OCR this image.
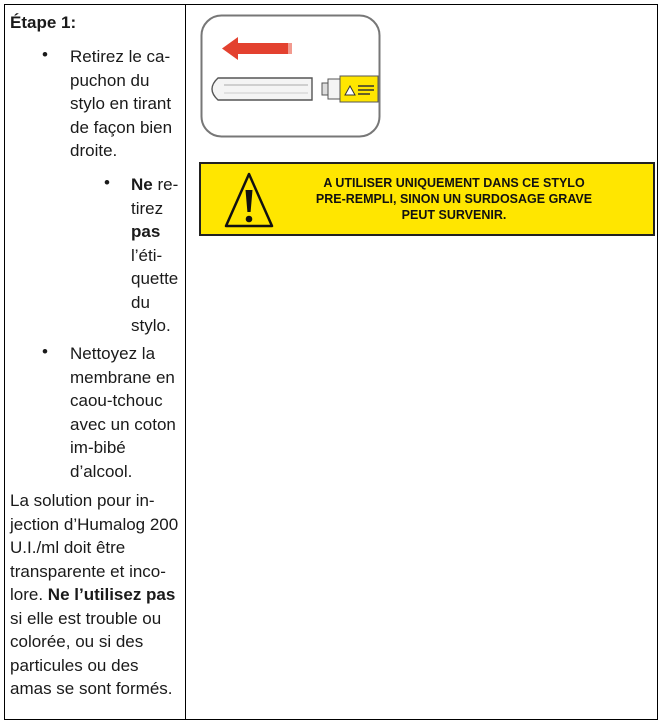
Étape 1:
• Retirez le ca-puchon du stylo en tirant de façon bien droite.
• Ne re-tirez pas l’éti-quette du stylo.
• Nettoyez la membrane en caou-tchouc avec un coton im-bibé d’alcool.
La solution pour in-jection d’Humalog 200 U.I./ml doit être transparente et inco-lore. Ne l’utilisez pas si elle est trouble ou colorée, ou si des particules ou des amas se sont formés.
A UTILISER UNIQUEMENT DANS CE STYLO
PRE-REMPLI, SINON UN SURDOSAGE GRAVE
PEUT SURVENIR.
